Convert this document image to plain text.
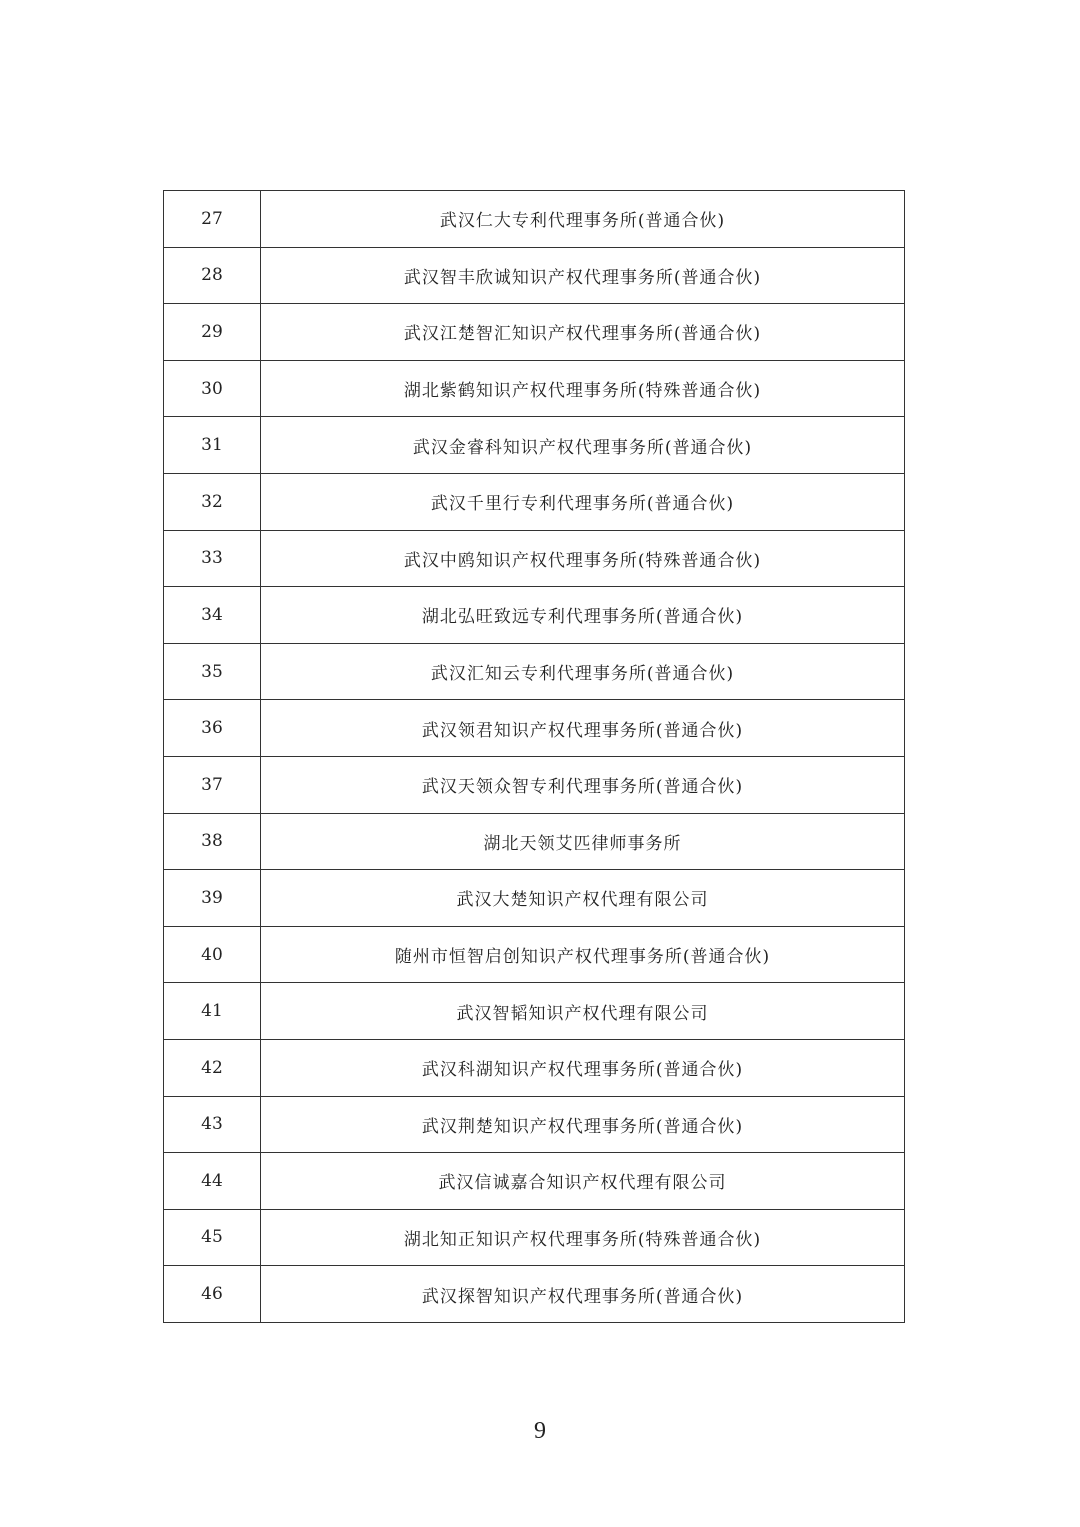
27	武汉仁大专利代理事务所(普通合伙)
28	武汉智丰欣诚知识产权代理事务所(普通合伙)
29	武汉江楚智汇知识产权代理事务所(普通合伙)
30	湖北紫鹤知识产权代理事务所(特殊普通合伙)
31	武汉金睿科知识产权代理事务所(普通合伙)
32	武汉千里行专利代理事务所(普通合伙)
33	武汉中鸥知识产权代理事务所(特殊普通合伙)
34	湖北弘旺致远专利代理事务所(普通合伙)
35	武汉汇知云专利代理事务所(普通合伙)
36	武汉领君知识产权代理事务所(普通合伙)
37	武汉天领众智专利代理事务所(普通合伙)
38	湖北天领艾匹律师事务所
39	武汉大楚知识产权代理有限公司
40	随州市恒智启创知识产权代理事务所(普通合伙)
41	武汉智韬知识产权代理有限公司
42	武汉科湖知识产权代理事务所(普通合伙)
43	武汉荆楚知识产权代理事务所(普通合伙)
44	武汉信诚嘉合知识产权代理有限公司
45	湖北知正知识产权代理事务所(特殊普通合伙)
46	武汉探智知识产权代理事务所(普通合伙)
9
